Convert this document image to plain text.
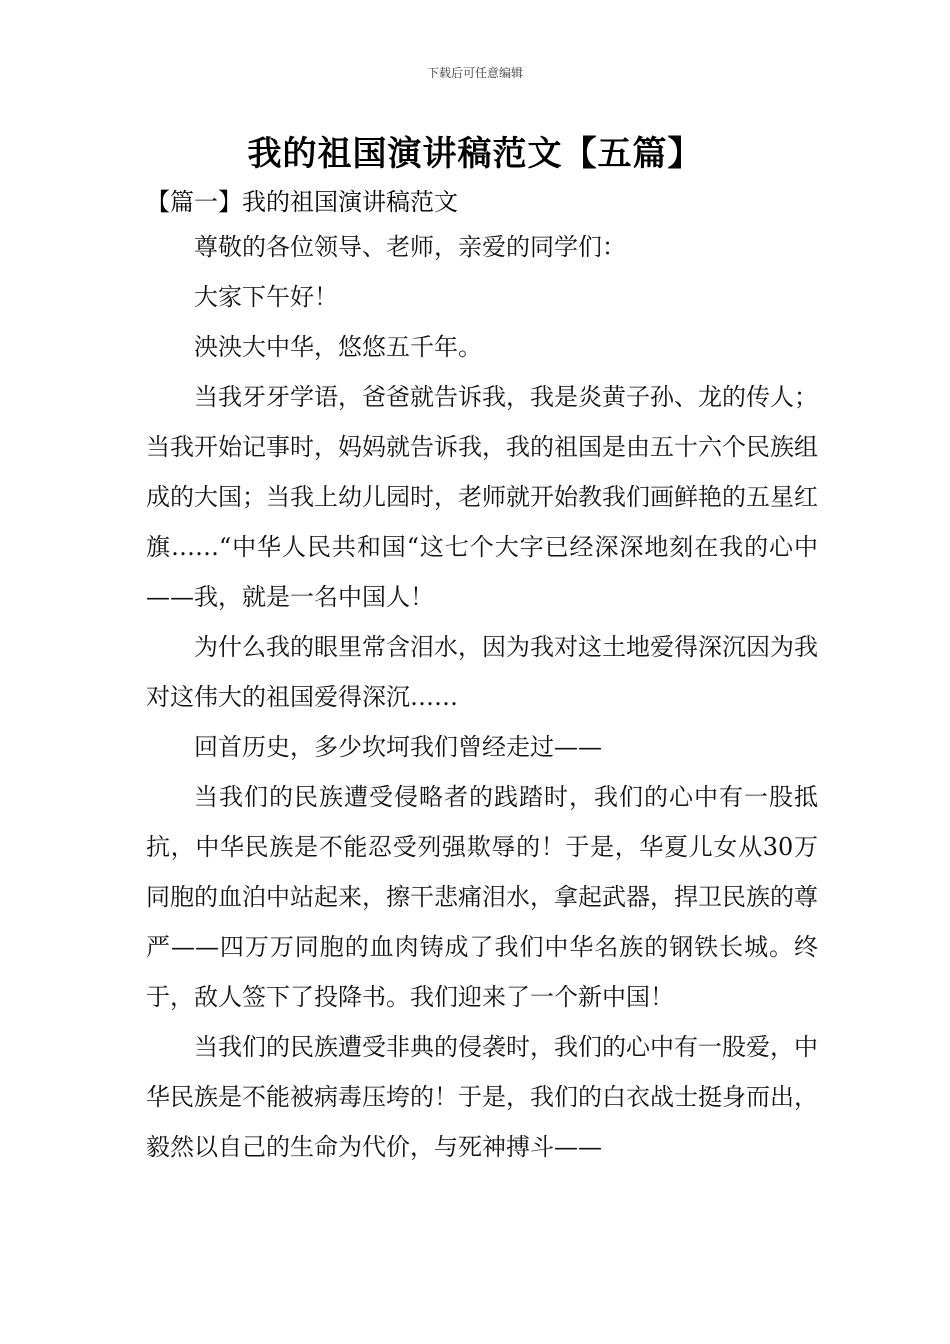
下载后可任意编辑
我的祖国演讲稿范文【五篇】
【篇一】我的祖国演讲稿范文

尊敬的各位领导、老师，亲爱的同学们：

大家下午好！

泱泱大中华，悠悠五千年。

当我牙牙学语，爸爸就告诉我，我是炎黄子孙、龙的传人；当我开始记事时，妈妈就告诉我，我的祖国是由五十六个民族组成的大国；当我上幼儿园时，老师就开始教我们画鲜艳的五星红旗……“中华人民共和国“这七个大字已经深深地刻在我的心中——我，就是一名中国人！

为什么我的眼里常含泪水，因为我对这土地爱得深沉因为我对这伟大的祖国爱得深沉……

回首历史，多少坎坷我们曾经走过——

当我们的民族遭受侵略者的践踏时，我们的心中有一股抵抗，中华民族是不能忍受列强欺辱的！于是，华夏儿女从30万同胞的血泊中站起来，擦干悲痛泪水，拿起武器，捍卫民族的尊严——四万万同胞的血肉铸成了我们中华名族的钢铁长城。终于，敌人签下了投降书。我们迎来了一个新中国！

当我们的民族遭受非典的侵袭时，我们的心中有一股爱，中华民族是不能被病毒压垮的！于是，我们的白衣战士挺身而出，毅然以自己的生命为代价，与死神搏斗——
